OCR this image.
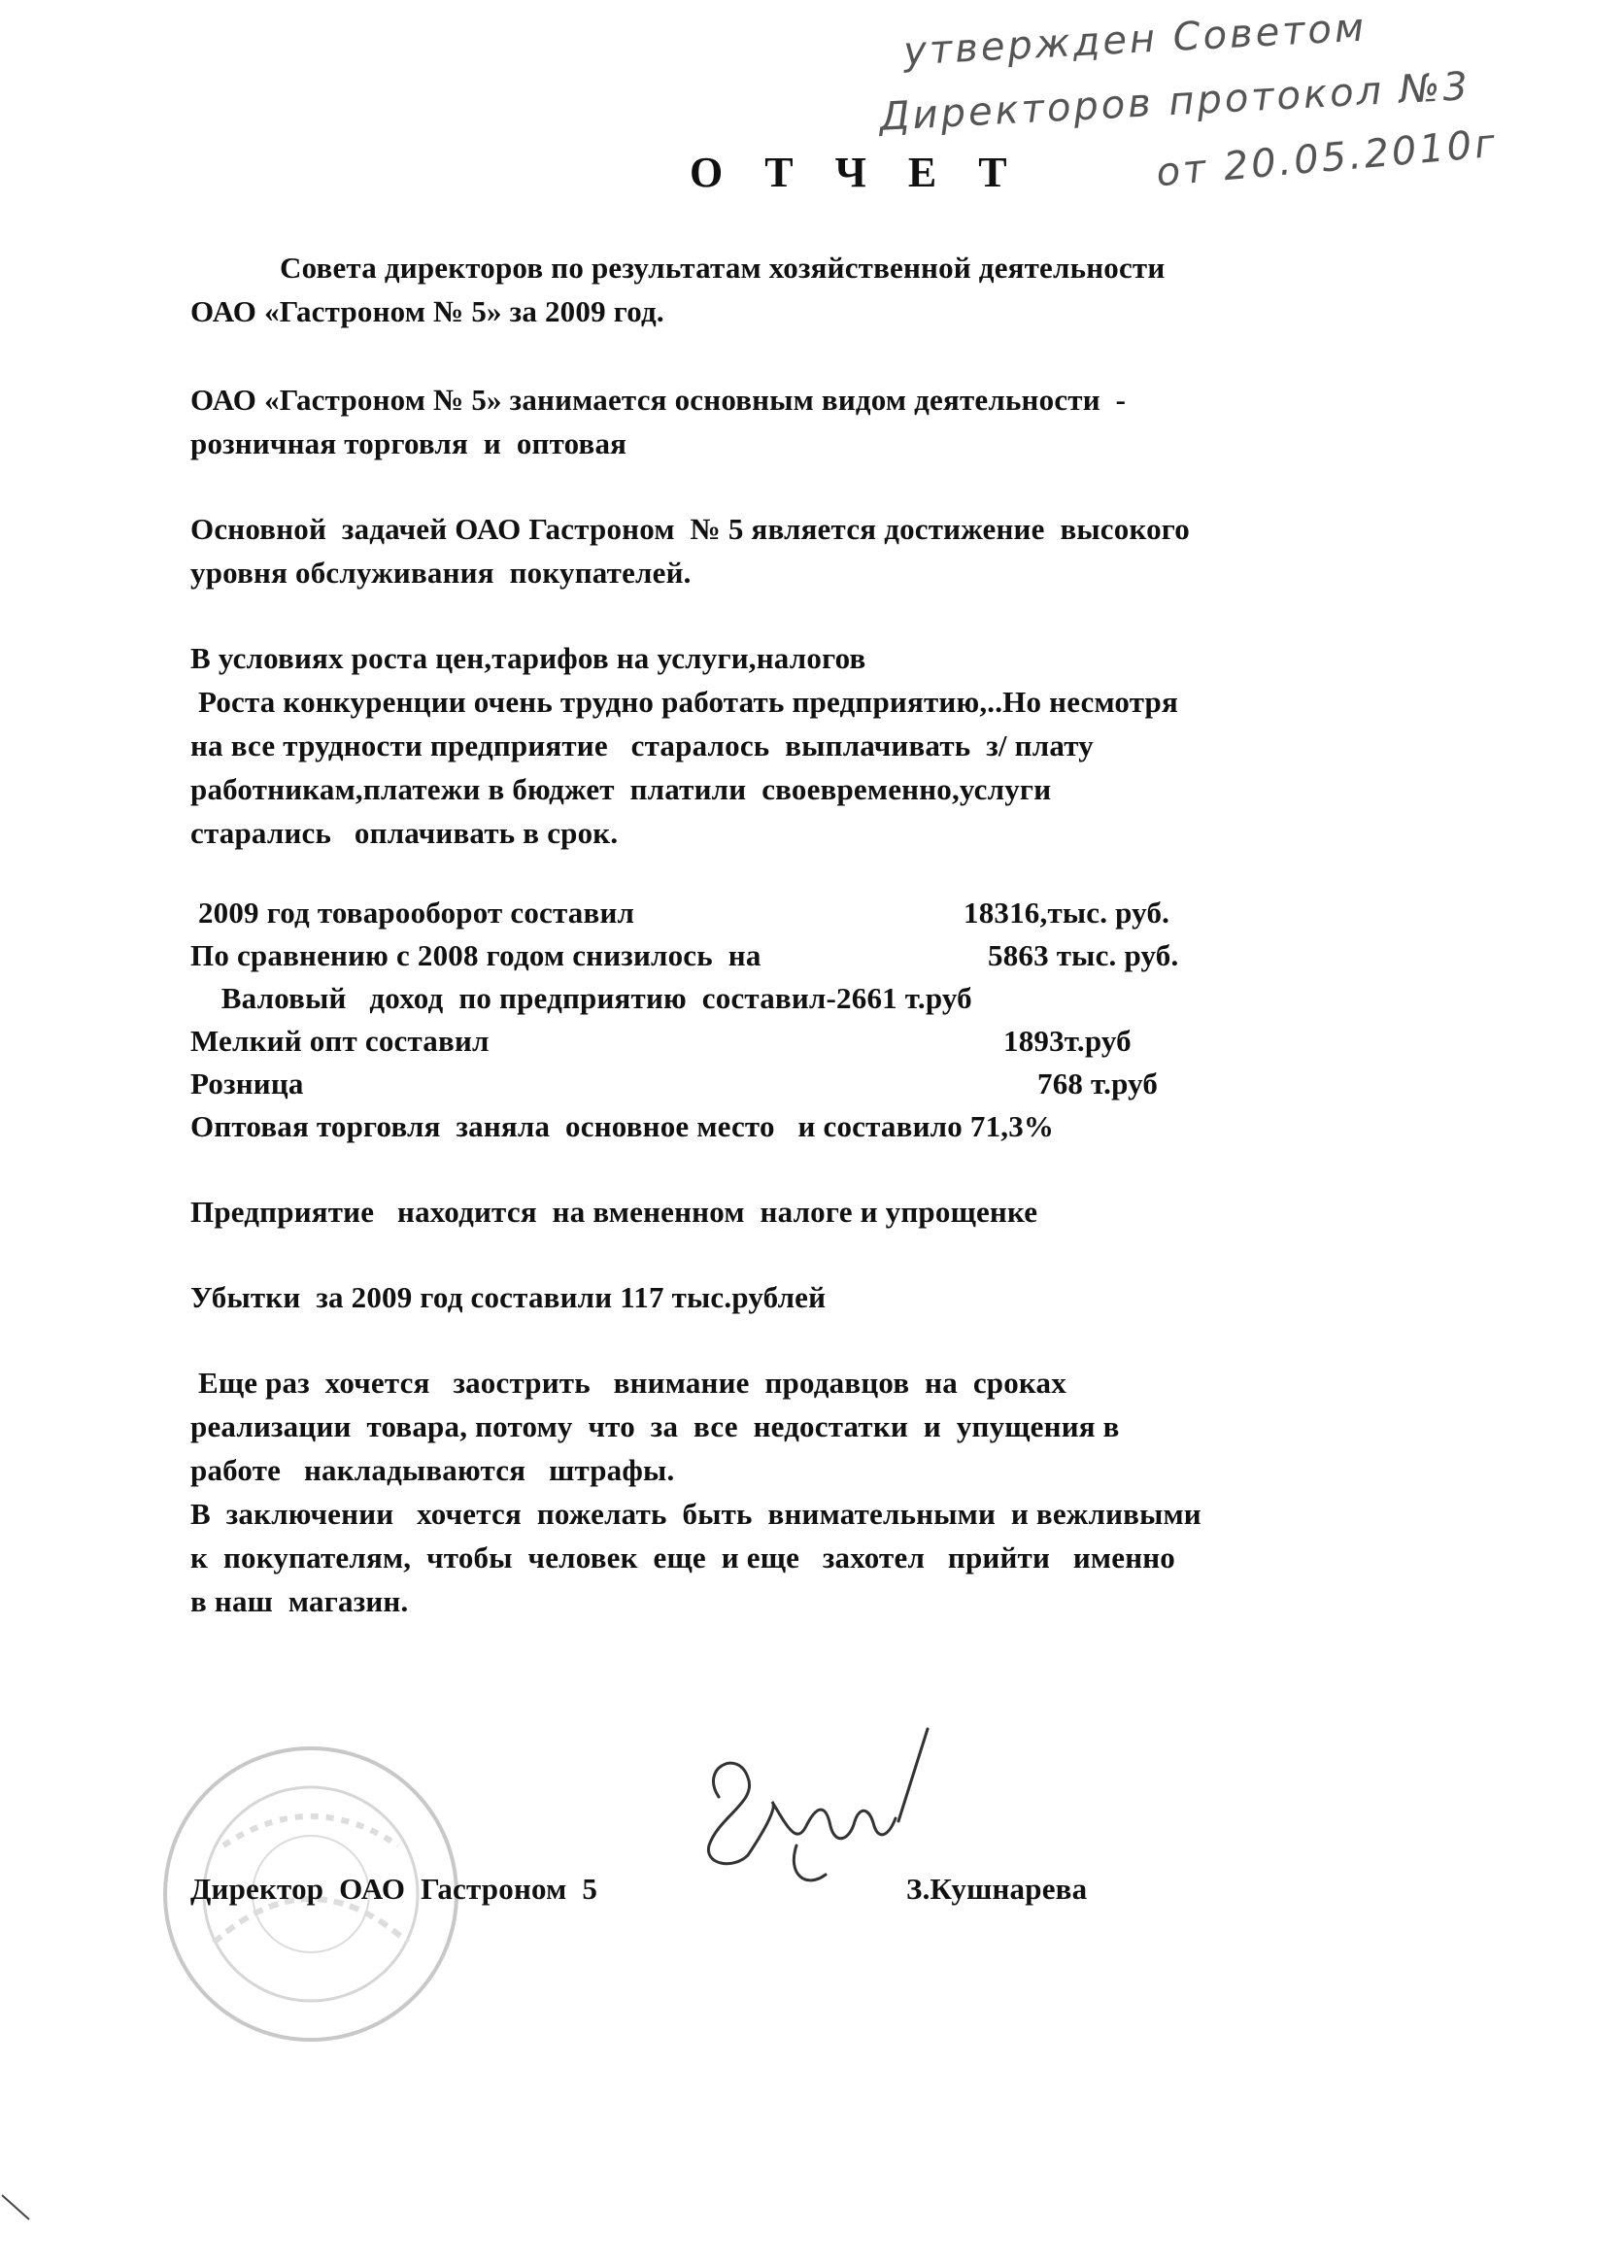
утвержден Советом
Директоров протокол №3
от 20.05.2010г
О Т Ч Е Т
Совета директоров по результатам хозяйственной деятельности
ОАО «Гастроном № 5» за 2009 год.
ОАО «Гастроном № 5» занимается основным видом деятельности  -
розничная торговля  и  оптовая
Основной  задачей ОАО Гастроном  № 5 является достижение  высокого
уровня обслуживания  покупателей.
В условиях роста цен,тарифов на услуги,налогов
Роста конкуренции очень трудно работать предприятию,..Но несмотря
на все трудности предприятие   старалось  выплачивать  з/ плату
работникам,платежи в бюджет  платили  своевременно,услуги
старались   оплачивать в срок.
2009 год товарооборот составил	18316,тыс. руб.
По сравнению с 2008 годом снизилось  на	5863 тыс. руб.
Валовый   доход  по предприятию  составил-2661 т.руб
Мелкий опт составил	1893т.руб
Розница	768 т.руб
Оптовая торговля  заняла  основное место   и составило 71,3%
Предприятие   находится  на вмененном  налоге и упрощенке
Убытки  за 2009 год составили 117 тыс.рублей
Еще раз  хочется   заострить   внимание  продавцов  на  сроках
реализации  товара, потому  что  за  все  недостатки  и  упущения в
работе   накладываются   штрафы.
В  заключении   хочется  пожелать  быть  внимательными  и вежливыми
к  покупателям,  чтобы  человек  еще  и еще   захотел   прийти   именно
в наш  магазин.
Директор  ОАО  Гастроном  5	З.Кушнарева
